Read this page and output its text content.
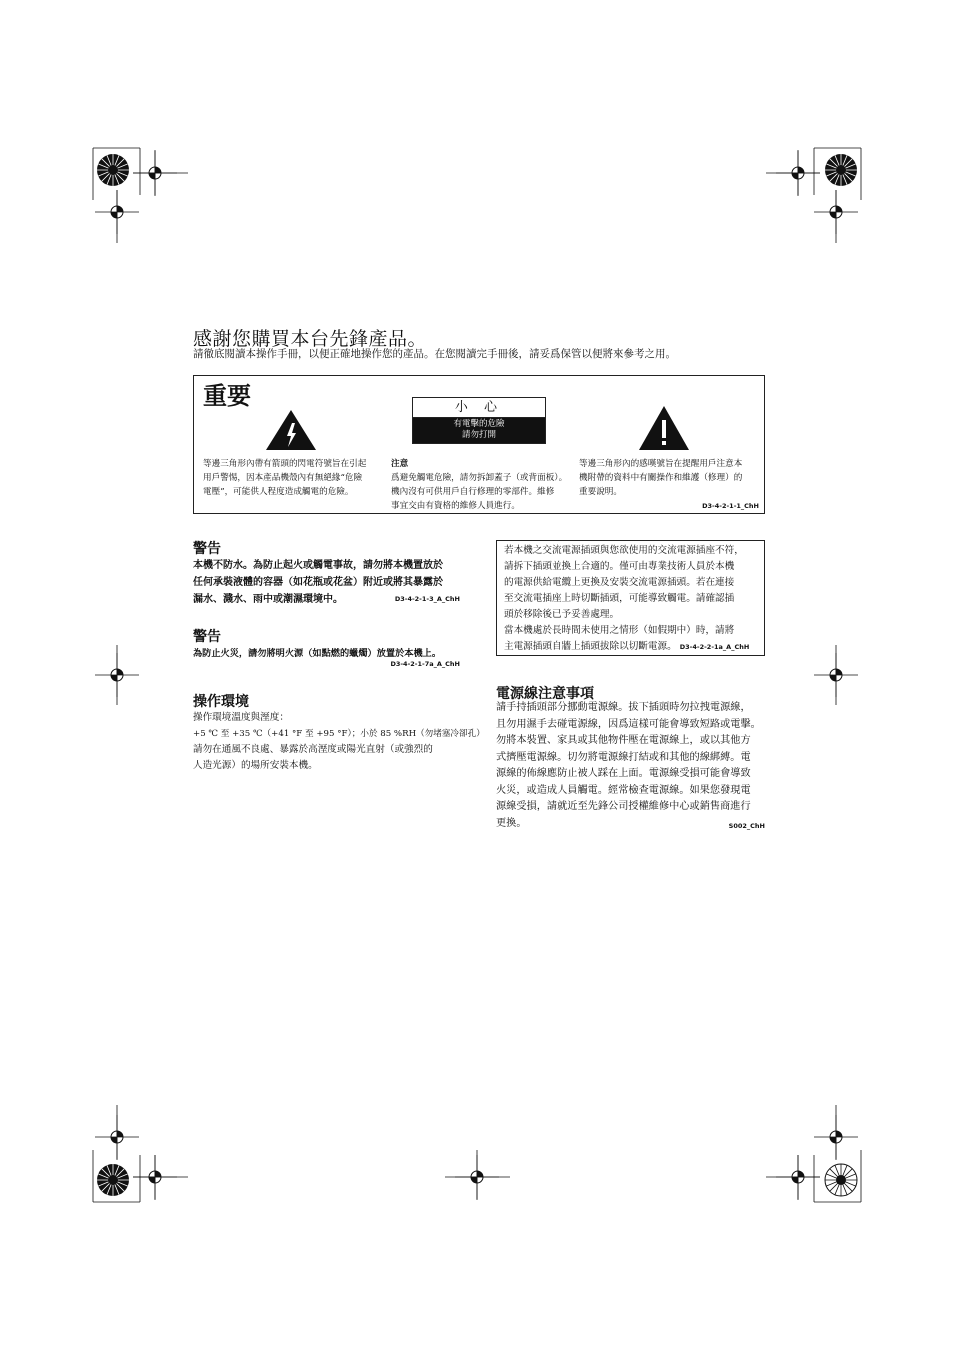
感謝您購買本台先鋒產品。
請徹底閱讀本操作手冊，以便正確地操作您的產品。在您閱讀完手冊後，請妥爲保管以便將來參考之用。
重要	小 心
有電擊的危險
請勿打開
等邊三角形內帶有箭頭的閃電符號旨在引起
用戶警惕，因本產品機殼內有無絕緣“危險
電壓”，可能供人程度造成觸電的危險。
注意
爲避免觸電危險，請勿拆卸蓋子（或背面板）。
機內沒有可供用戶自行修理的零部件。維修
事宜交由有資格的維修人員進行。
等邊三角形內的感嘆號旨在提醒用戶注意本
機附帶的資料中有關操作和維護（修理）的
重要說明。
D3-4-2-1-1_ChH
警告
本機不防水。為防止起火或觸電事故，請勿將本機置放於
任何承裝液體的容器（如花瓶或花盆）附近或將其暴露於
漏水、濺水、雨中或潮濕環境中。	D3-4-2-1-3_A_ChH
警告
為防止火災，請勿將明火源（如點燃的蠟燭）放置於本機上。
D3-4-2-1-7a_A_ChH
操作環境
操作環境溫度與溼度：
+5 ℃ 至 +35 ℃（+41 °F 至 +95 °F）；小於 85 %RH（勿堵塞冷卻孔）
請勿在通風不良處、暴露於高溼度或陽光直射（或強烈的
人造光源）的場所安裝本機。
若本機之交流電源插頭與您欲使用的交流電源插座不符，
請拆下插頭並換上合適的。僅可由專業技術人員於本機
的電源供給電纜上更換及安裝交流電源插頭。若在連接
至交流電插座上時切斷插頭，可能導致觸電。請確認插
頭於移除後已予妥善處理。
當本機處於長時間未使用之情形（如假期中）時，請將
主電源插頭自牆上插頭拔除以切斷電源。 D3-4-2-2-1a_A_ChH
電源線注意事項
請手持插頭部分挪動電源線。拔下插頭時勿拉拽電源線，
且勿用濕手去碰電源線，因爲這樣可能會導致短路或電擊。
勿將本裝置、家具或其他物件壓在電源線上，或以其他方
式擠壓電源線。切勿將電源線打結或和其他的線綁縛。電
源線的佈線應防止被人踩在上面。電源線受損可能會導致
火災，或造成人員觸電。經常檢查電源線。如果您發現電
源線受損，請就近至先鋒公司授權維修中心或銷售商進行
更換。	S002_ChH
